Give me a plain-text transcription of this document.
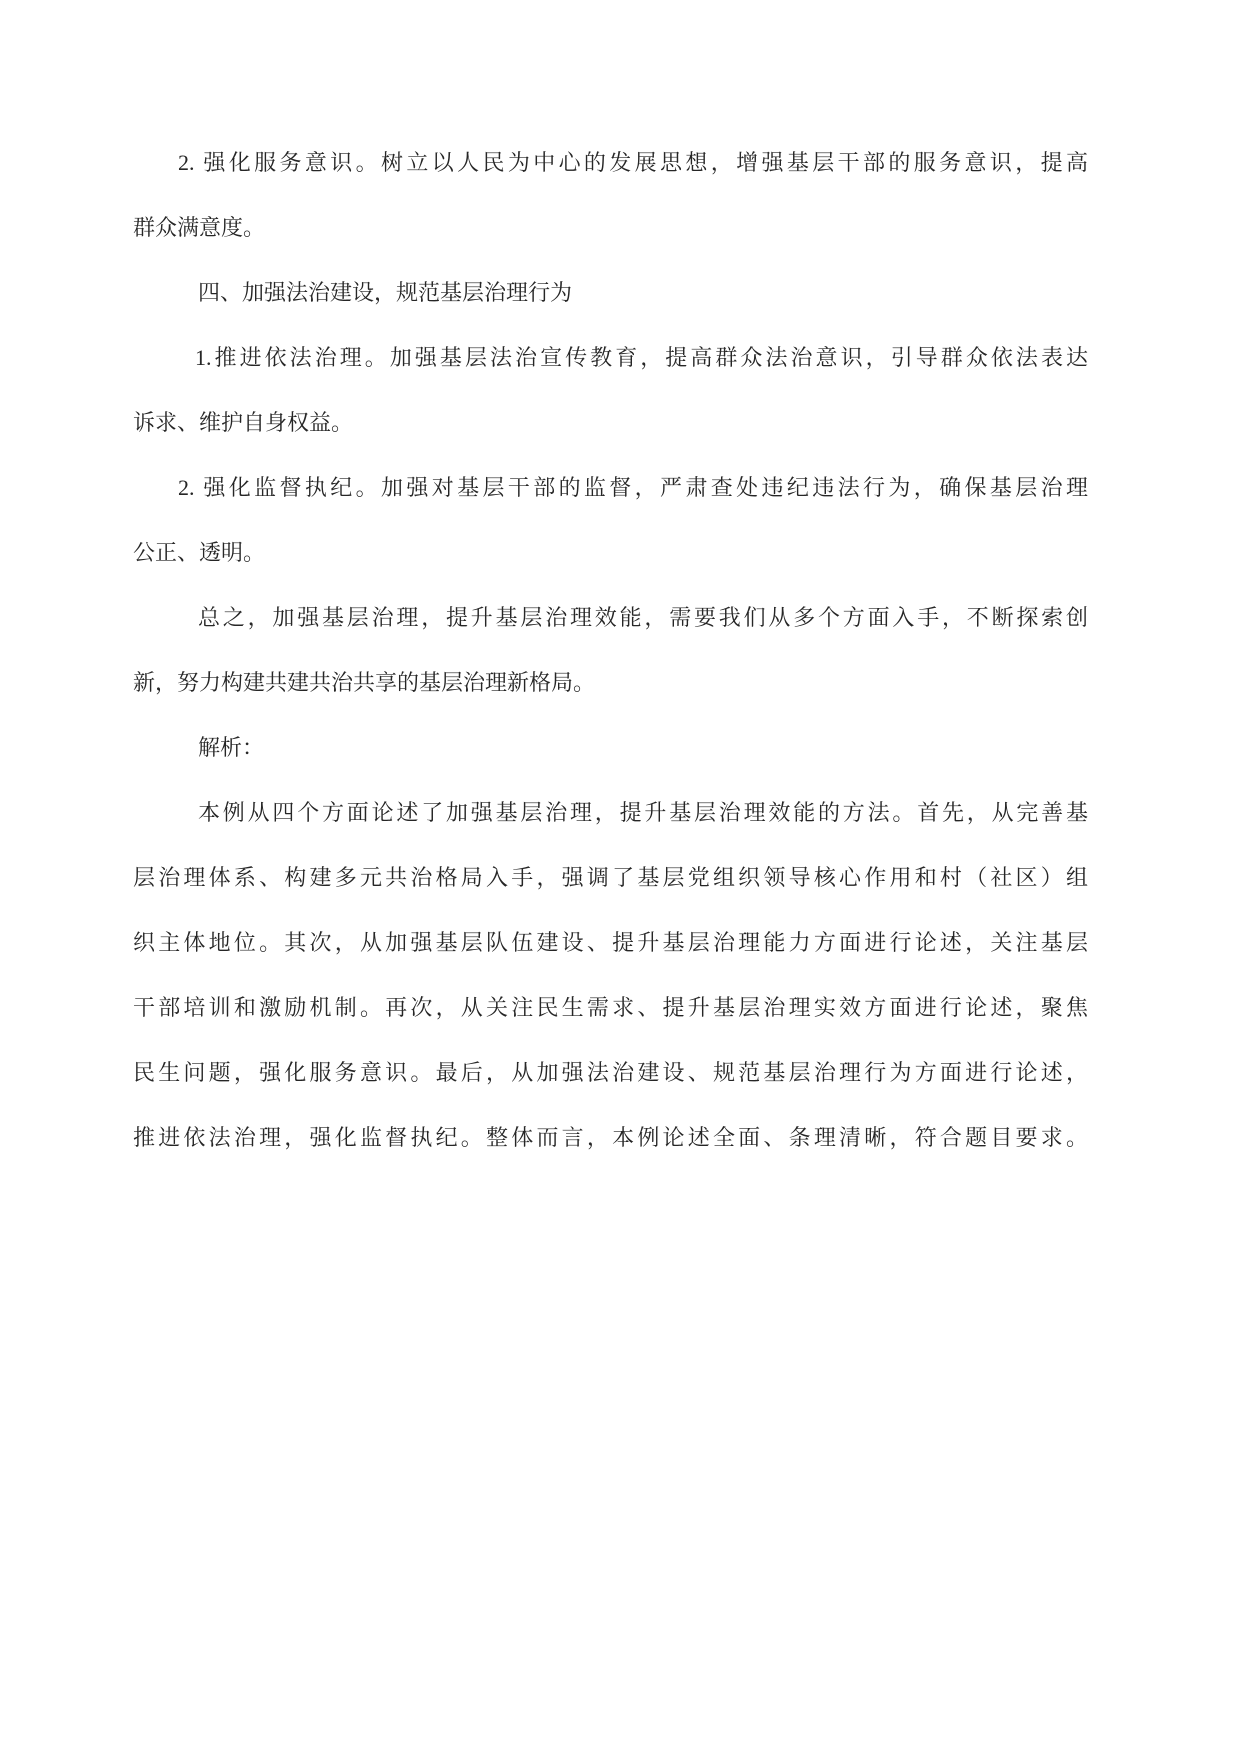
2. 强化服务意识。树立以人民为中心的发展思想，增强基层干部的服务意识，提高
群众满意度。
四、加强法治建设，规范基层治理行为
1.推进依法治理。加强基层法治宣传教育，提高群众法治意识，引导群众依法表达
诉求、维护自身权益。
2. 强化监督执纪。加强对基层干部的监督，严肃查处违纪违法行为，确保基层治理
公正、透明。
总之，加强基层治理，提升基层治理效能，需要我们从多个方面入手，不断探索创
新，努力构建共建共治共享的基层治理新格局。
解析：
本例从四个方面论述了加强基层治理，提升基层治理效能的方法。首先，从完善基
层治理体系、构建多元共治格局入手，强调了基层党组织领导核心作用和村（社区）组
织主体地位。其次，从加强基层队伍建设、提升基层治理能力方面进行论述，关注基层
干部培训和激励机制。再次，从关注民生需求、提升基层治理实效方面进行论述，聚焦
民生问题，强化服务意识。最后，从加强法治建设、规范基层治理行为方面进行论述，
推进依法治理，强化监督执纪。整体而言，本例论述全面、条理清晰，符合题目要求。
